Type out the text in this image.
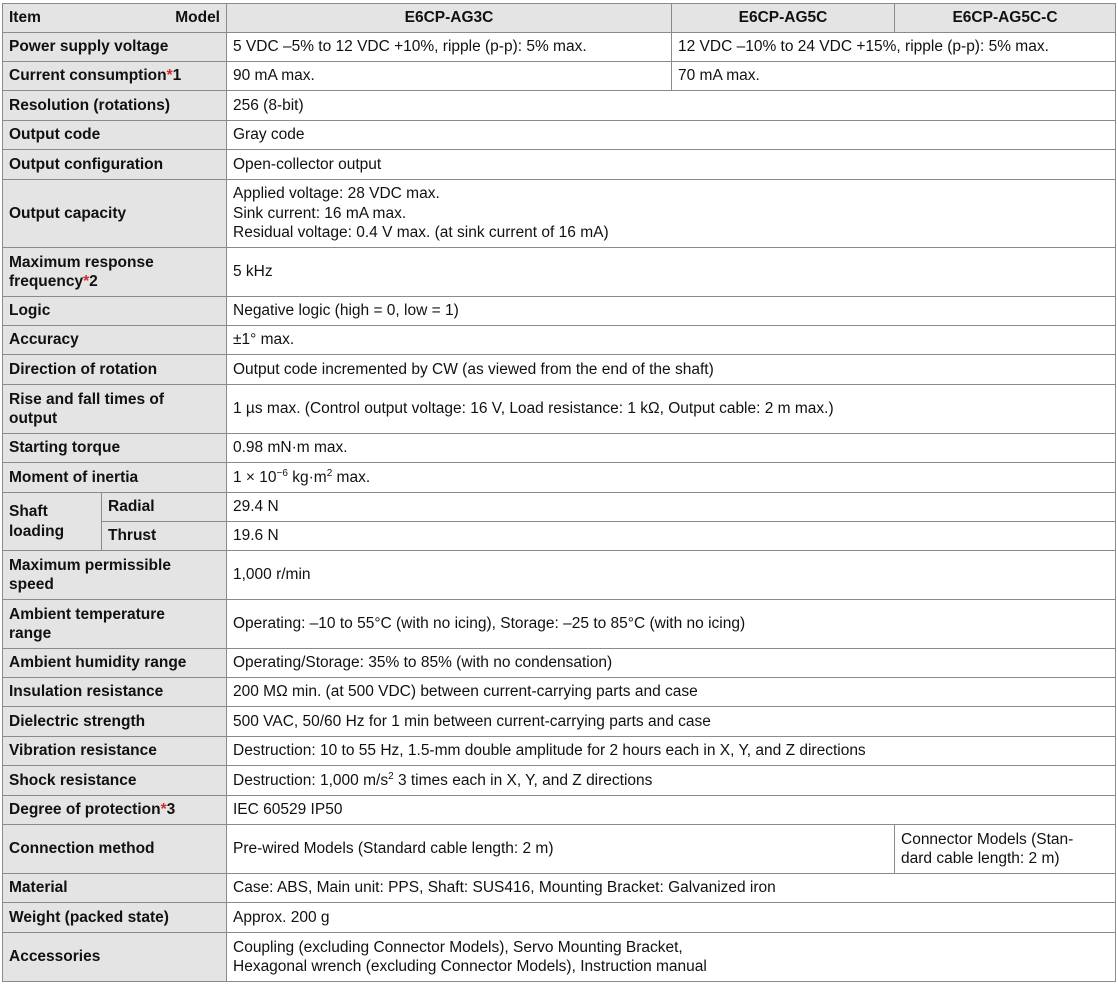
Item Model		E6CP-AG3C	E6CP-AG5C	E6CP-AG5C-C
Power supply voltage		5 VDC –5% to 12 VDC +10%, ripple (p-p): 5% max.	12 VDC –10% to 24 VDC +15%, ripple (p-p): 5% max.	
Current consumption*1		90 mA max.	70 mA max.	
Resolution (rotations)		256 (8-bit)		
Output code		Gray code		
Output configuration		Open-collector output		
Output capacity		Applied voltage: 28 VDC max.
Sink current: 16 mA max.
Residual voltage: 0.4 V max. (at sink current of 16 mA)		

Maximum response
frequency*2		5 kHz		
Logic		Negative logic (high = 0, low = 1)		
Accuracy		±1° max.		
Direction of rotation		Output code incremented by CW (as viewed from the end of the shaft)		

Rise and fall times of
output		1 µs max. (Control output voltage: 16 V, Load resistance: 1 kΩ, Output cable: 2 m max.)		
Starting torque		0.98 mN·m max.		
Moment of inertia		$1 \times 10^{-6}$ $kg\cdot m^2$ max.		

Shaft
loading	Radial	29.4 N		
	Thrust	19.6 N		

Maximum permissible
speed		1,000 r/min		

Ambient temperature
range		Operating: –10 to 55°C (with no icing), Storage: –25 to 85°C (with no icing)		
Ambient humidity range		Operating/Storage: 35% to 85% (with no condensation)		
Insulation resistance		200 MΩ min. (at 500 VDC) between current-carrying parts and case		
Dielectric strength		500 VAC, 50/60 Hz for 1 min between current-carrying parts and case		
Vibration resistance		Destruction: 10 to 55 Hz, 1.5-mm double amplitude for 2 hours each in X, Y, and Z directions		
Shock resistance		Destruction: 1,000 $m/s^2$ 3 times each in X, Y, and Z directions		
Degree of protection*3		IEC 60529 IP50		
Connection method		Pre-wired Models (Standard cable length: 2 m)		Connector Models (Stan-
dard cable length: 2 m)

Material		Case: ABS, Main unit: PPS, Shaft: SUS416, Mounting Bracket: Galvanized iron		
Weight (packed state)		Approx. 200 g		
Accessories		Coupling (excluding Connector Models), Servo Mounting Bracket,
Hexagonal wrench (excluding Connector Models), Instruction manual		
